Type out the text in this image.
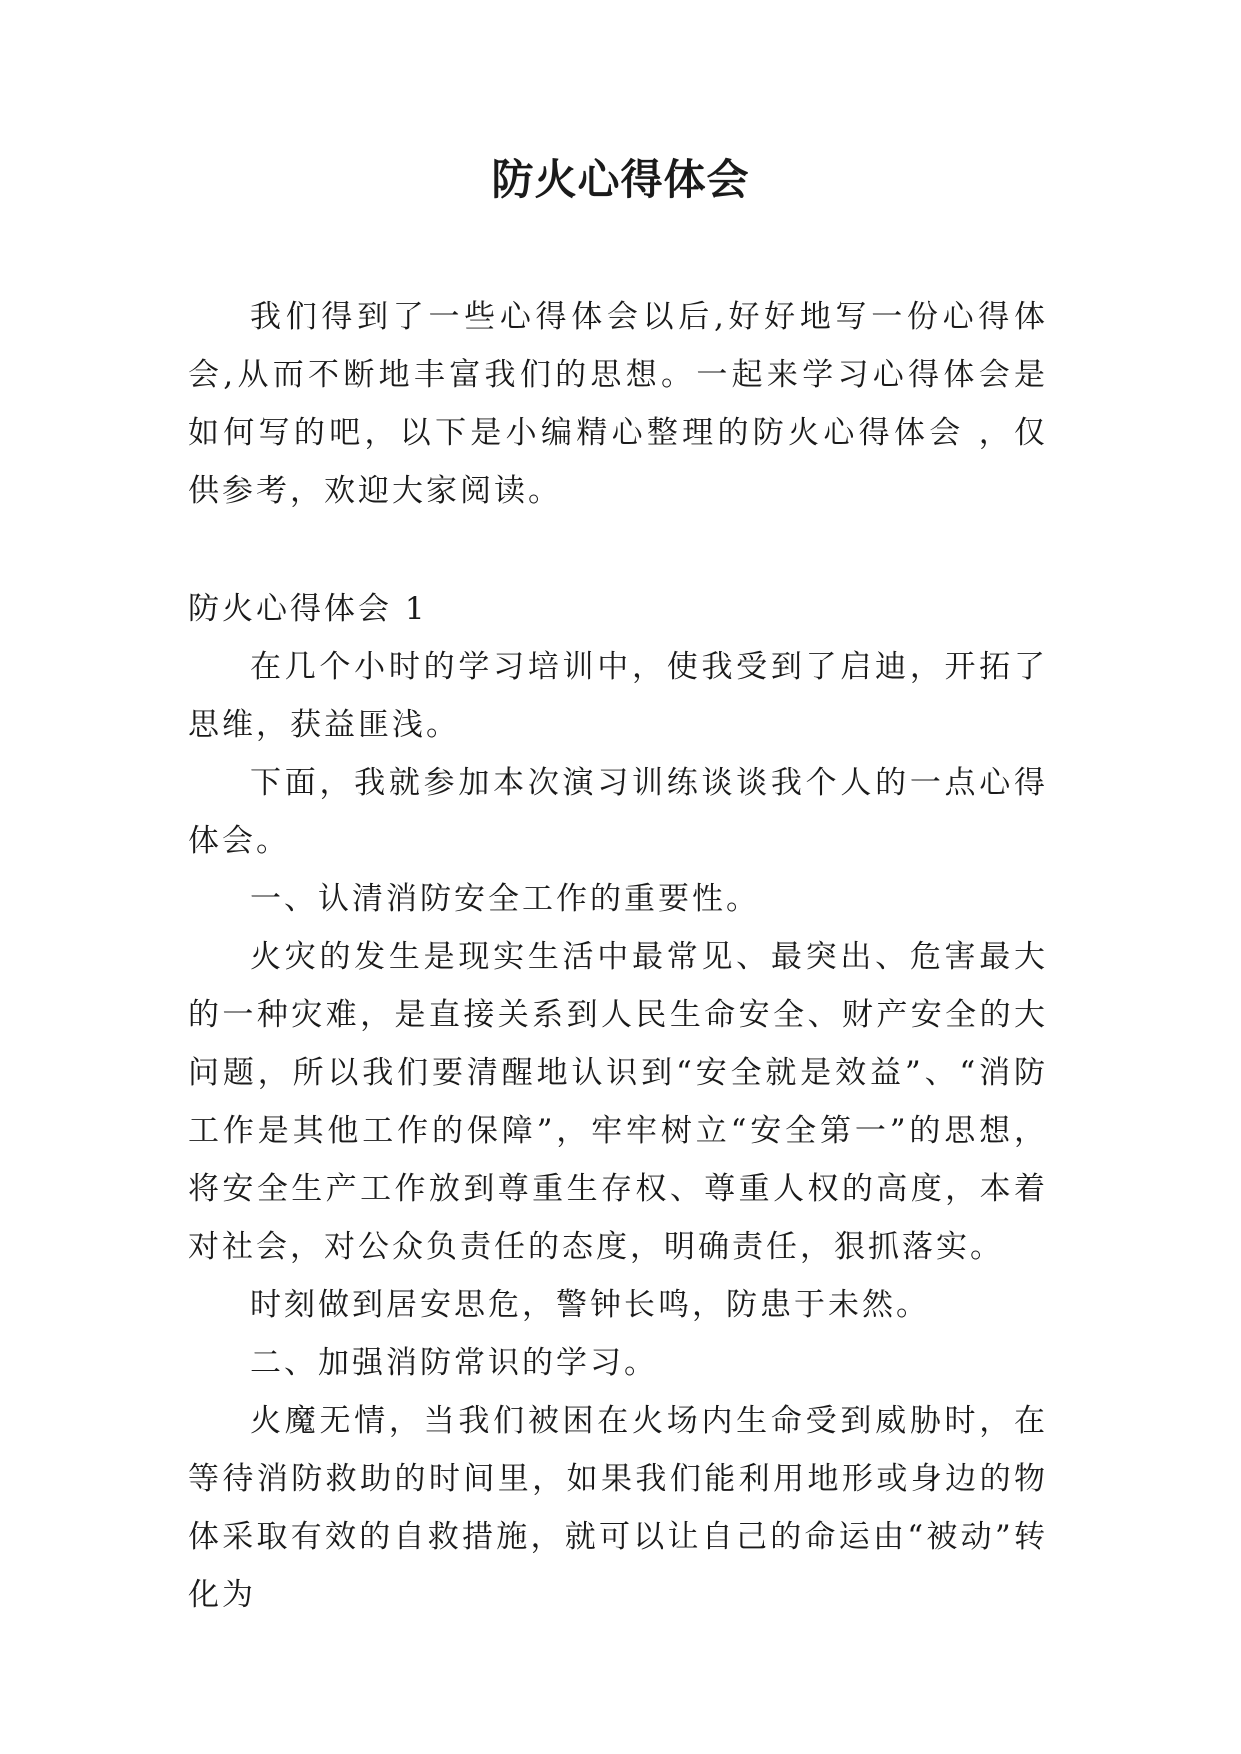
防火心得体会

我们得到了一些心得体会以后,好好地写一份心得体会,从而不断地丰富我们的思想。一起来学习心得体会是如何写的吧，以下是小编精心整理的防火心得体会 ，仅供参考，欢迎大家阅读。

防火心得体会 1

在几个小时的学习培训中，使我受到了启迪，开拓了思维，获益匪浅。

下面，我就参加本次演习训练谈谈我个人的一点心得体会。

一、认清消防安全工作的重要性。

火灾的发生是现实生活中最常见、最突出、危害最大的一种灾难，是直接关系到人民生命安全、财产安全的大问题，所以我们要清醒地认识到“安全就是效益”、“消防工作是其他工作的保障”，牢牢树立“安全第一”的思想，将安全生产工作放到尊重生存权、尊重人权的高度，本着对社会，对公众负责任的态度，明确责任，狠抓落实。

时刻做到居安思危，警钟长鸣，防患于未然。

二、加强消防常识的学习。

火魔无情，当我们被困在火场内生命受到威胁时，在等待消防救助的时间里，如果我们能利用地形或身边的物体采取有效的自救措施，就可以让自己的命运由“被动”转化为
